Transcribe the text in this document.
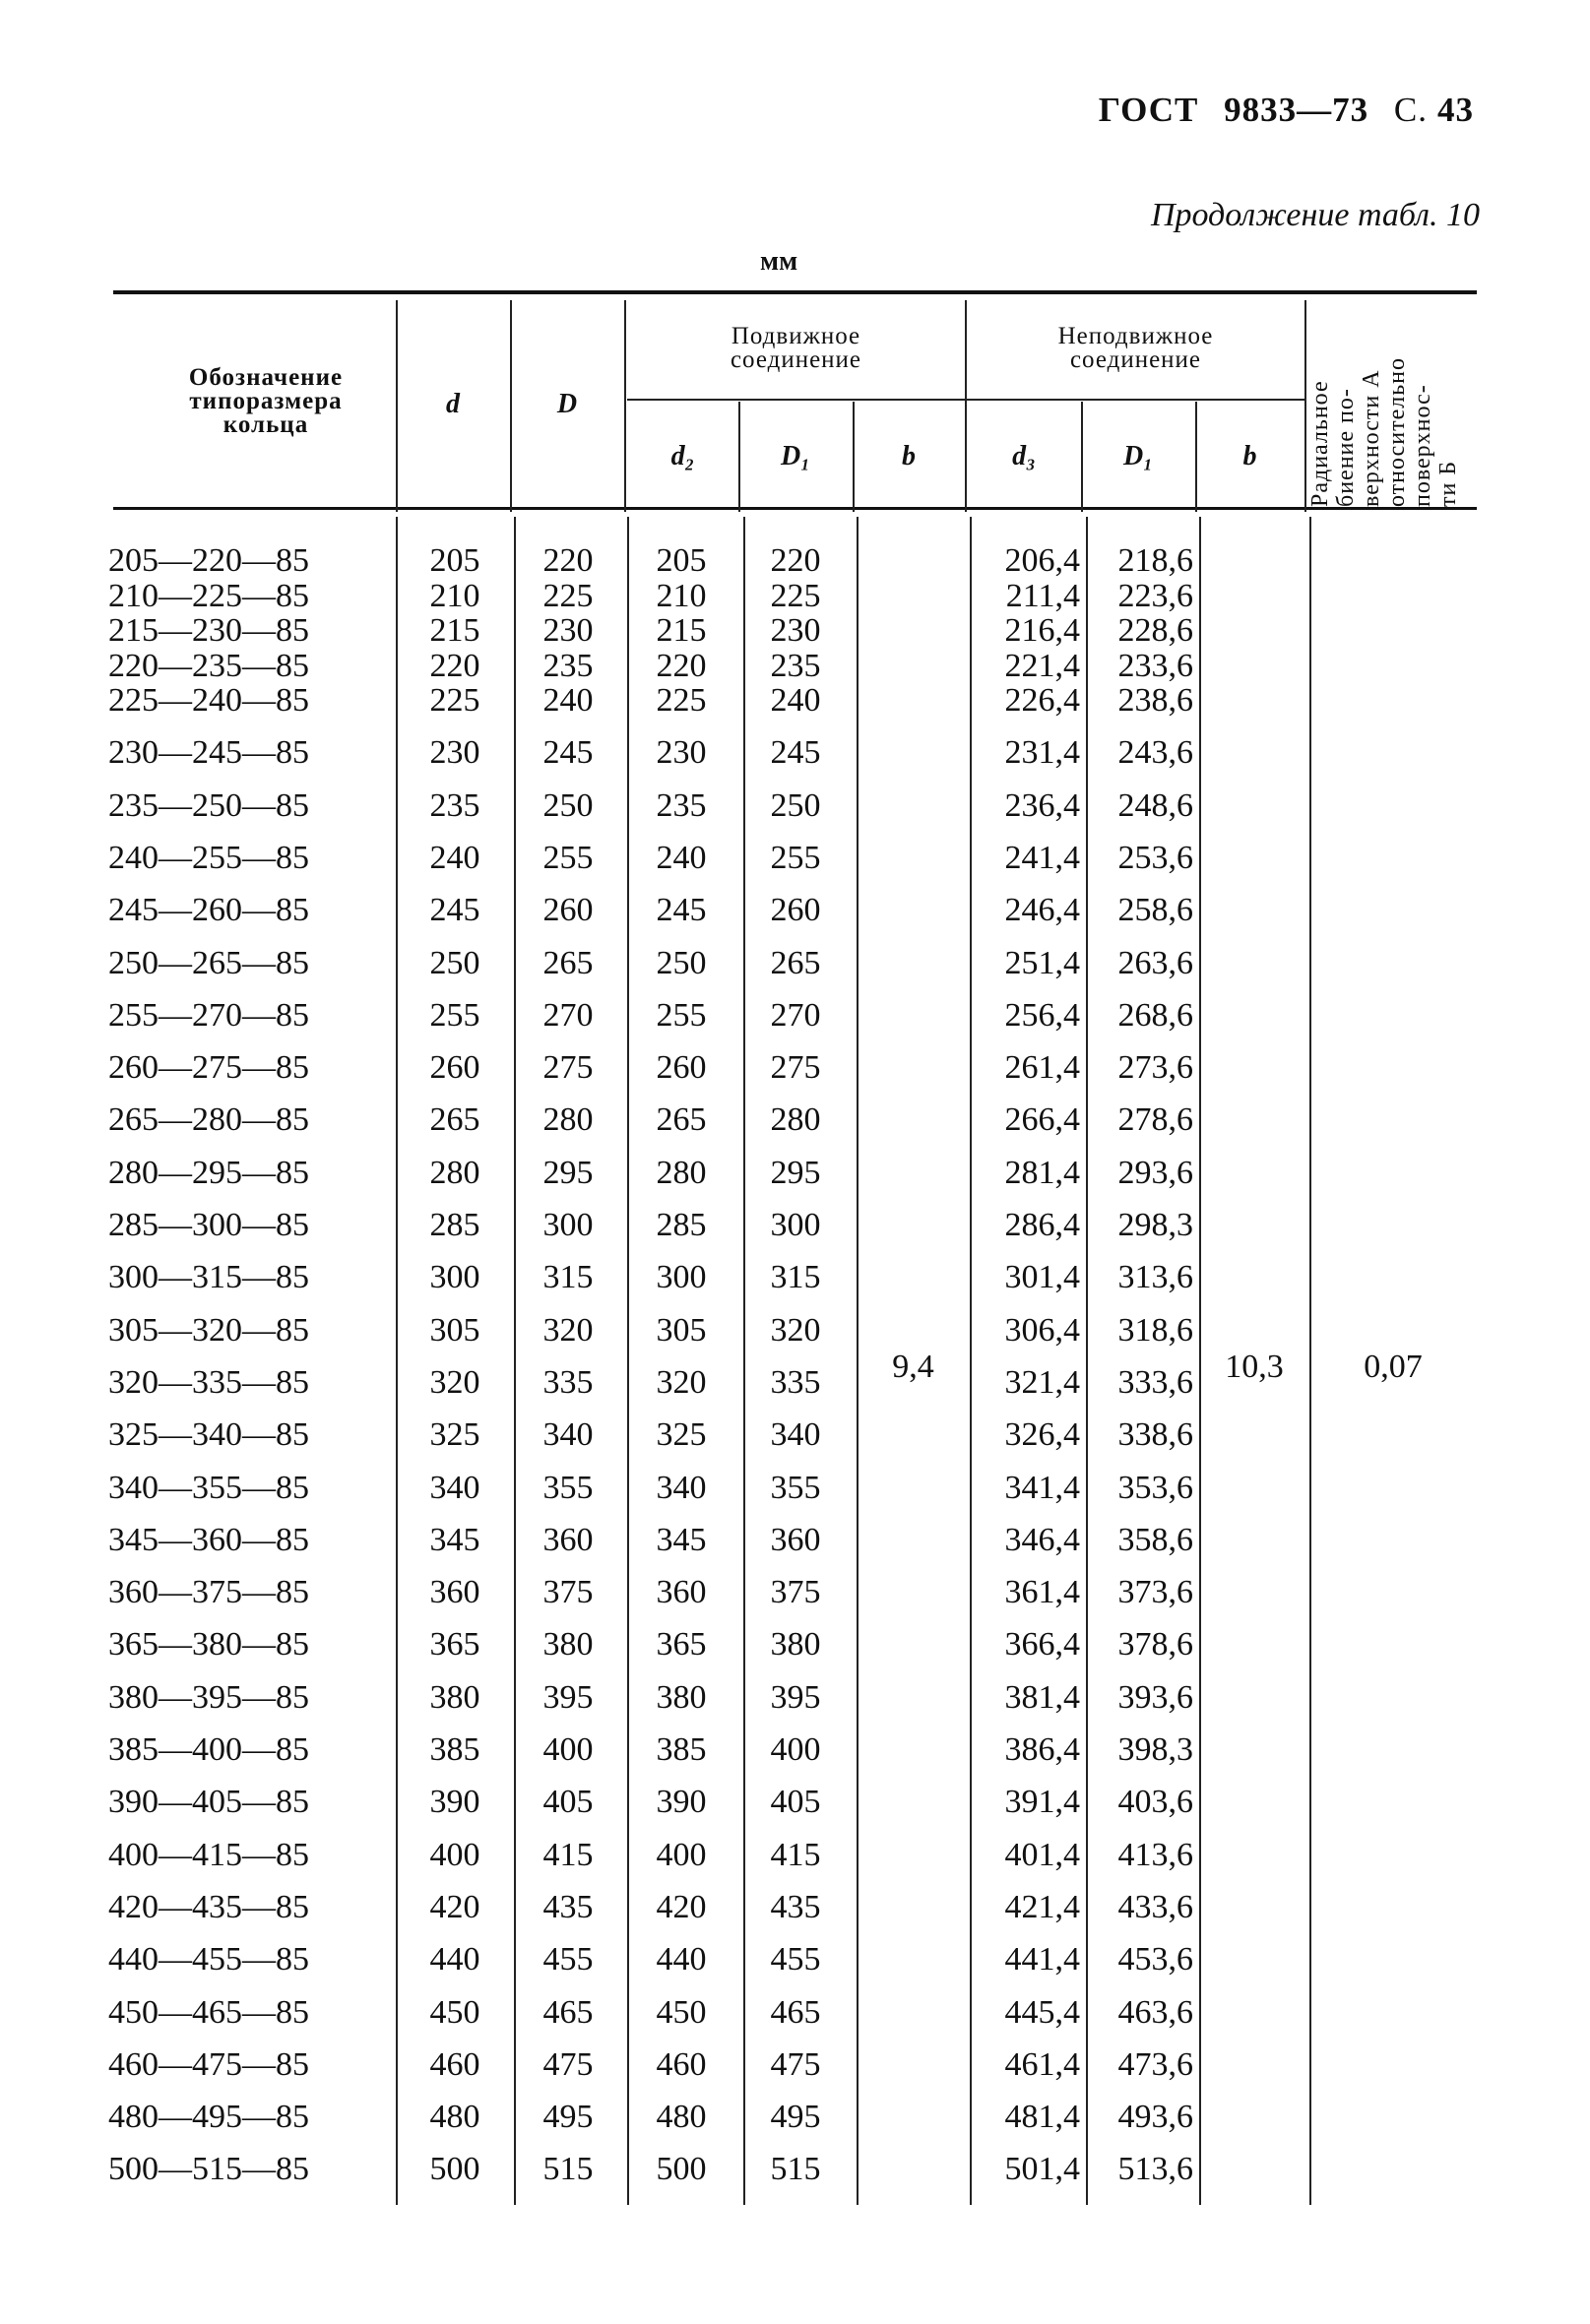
ГОСТ 9833—73 С. 43
Продолжение табл. 10
мм
Обозначение
типоразмера
кольца
d	D
Подвижное
соединение
Неподвижное
соединение
d₂	D₁	b	d₃	D₁	b	Радиальное биение по- верхности А относительно поверхнос- ти Б
9,4	10,3	0,07
205—220—85	205	220	205	220	206,4	218,6
210—225—85	210	225	210	225	211,4	223,6
215—230—85	215	230	215	230	216,4	228,6
220—235—85	220	235	220	235	221,4	233,6
225—240—85	225	240	225	240	226,4	238,6
230—245—85	230	245	230	245	231,4	243,6
235—250—85	235	250	235	250	236,4	248,6
240—255—85	240	255	240	255	241,4	253,6
245—260—85	245	260	245	260	246,4	258,6
250—265—85	250	265	250	265	251,4	263,6
255—270—85	255	270	255	270	256,4	268,6
260—275—85	260	275	260	275	261,4	273,6
265—280—85	265	280	265	280	266,4	278,6
280—295—85	280	295	280	295	281,4	293,6
285—300—85	285	300	285	300	286,4	298,3
300—315—85	300	315	300	315	301,4	313,6
305—320—85	305	320	305	320	306,4	318,6
320—335—85	320	335	320	335	321,4	333,6
325—340—85	325	340	325	340	326,4	338,6
340—355—85	340	355	340	355	341,4	353,6
345—360—85	345	360	345	360	346,4	358,6
360—375—85	360	375	360	375	361,4	373,6
365—380—85	365	380	365	380	366,4	378,6
380—395—85	380	395	380	395	381,4	393,6
385—400—85	385	400	385	400	386,4	398,3
390—405—85	390	405	390	405	391,4	403,6
400—415—85	400	415	400	415	401,4	413,6
420—435—85	420	435	420	435	421,4	433,6
440—455—85	440	455	440	455	441,4	453,6
450—465—85	450	465	450	465	445,4	463,6
460—475—85	460	475	460	475	461,4	473,6
480—495—85	480	495	480	495	481,4	493,6
500—515—85	500	515	500	515	501,4	513,6
